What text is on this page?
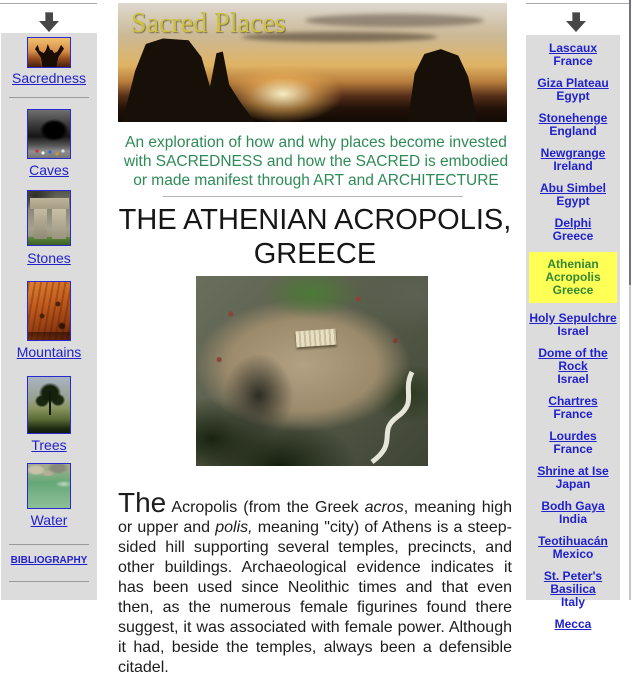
Sacredness
Caves
Stones
Mountains
Trees
Water
BIBLIOGRAPHY
Sacred Places
An exploration of how and why places become invested with SACREDNESS and how the SACRED is embodied or made manifest through ART and ARCHITECTURE
THE ATHENIAN ACROPOLIS,
GREECE

The Acropolis (from the Greek acros, meaning high or upper and polis, meaning "city) of Athens is a steep-sided hill supporting several temples, precincts, and other buildings. Archaeological evidence indicates it has been used since Neolithic times and that even then, as the numerous female figurines found there suggest, it was associated with female power. Although it had, beside the temples, always been a defensible citadel.

Lascaux
France
Giza Plateau
Egypt
Stonehenge
England
Newgrange
Ireland
Abu Simbel
Egypt
Delphi
Greece
Athenian Acropolis
Greece
Holy Sepulchre
Israel
Dome of the Rock
Israel
Chartres
France
Lourdes
France
Shrine at Ise
Japan
Bodh Gaya
India
Teotihuacán
Mexico
St. Peter's Basilica
Italy
Mecca
